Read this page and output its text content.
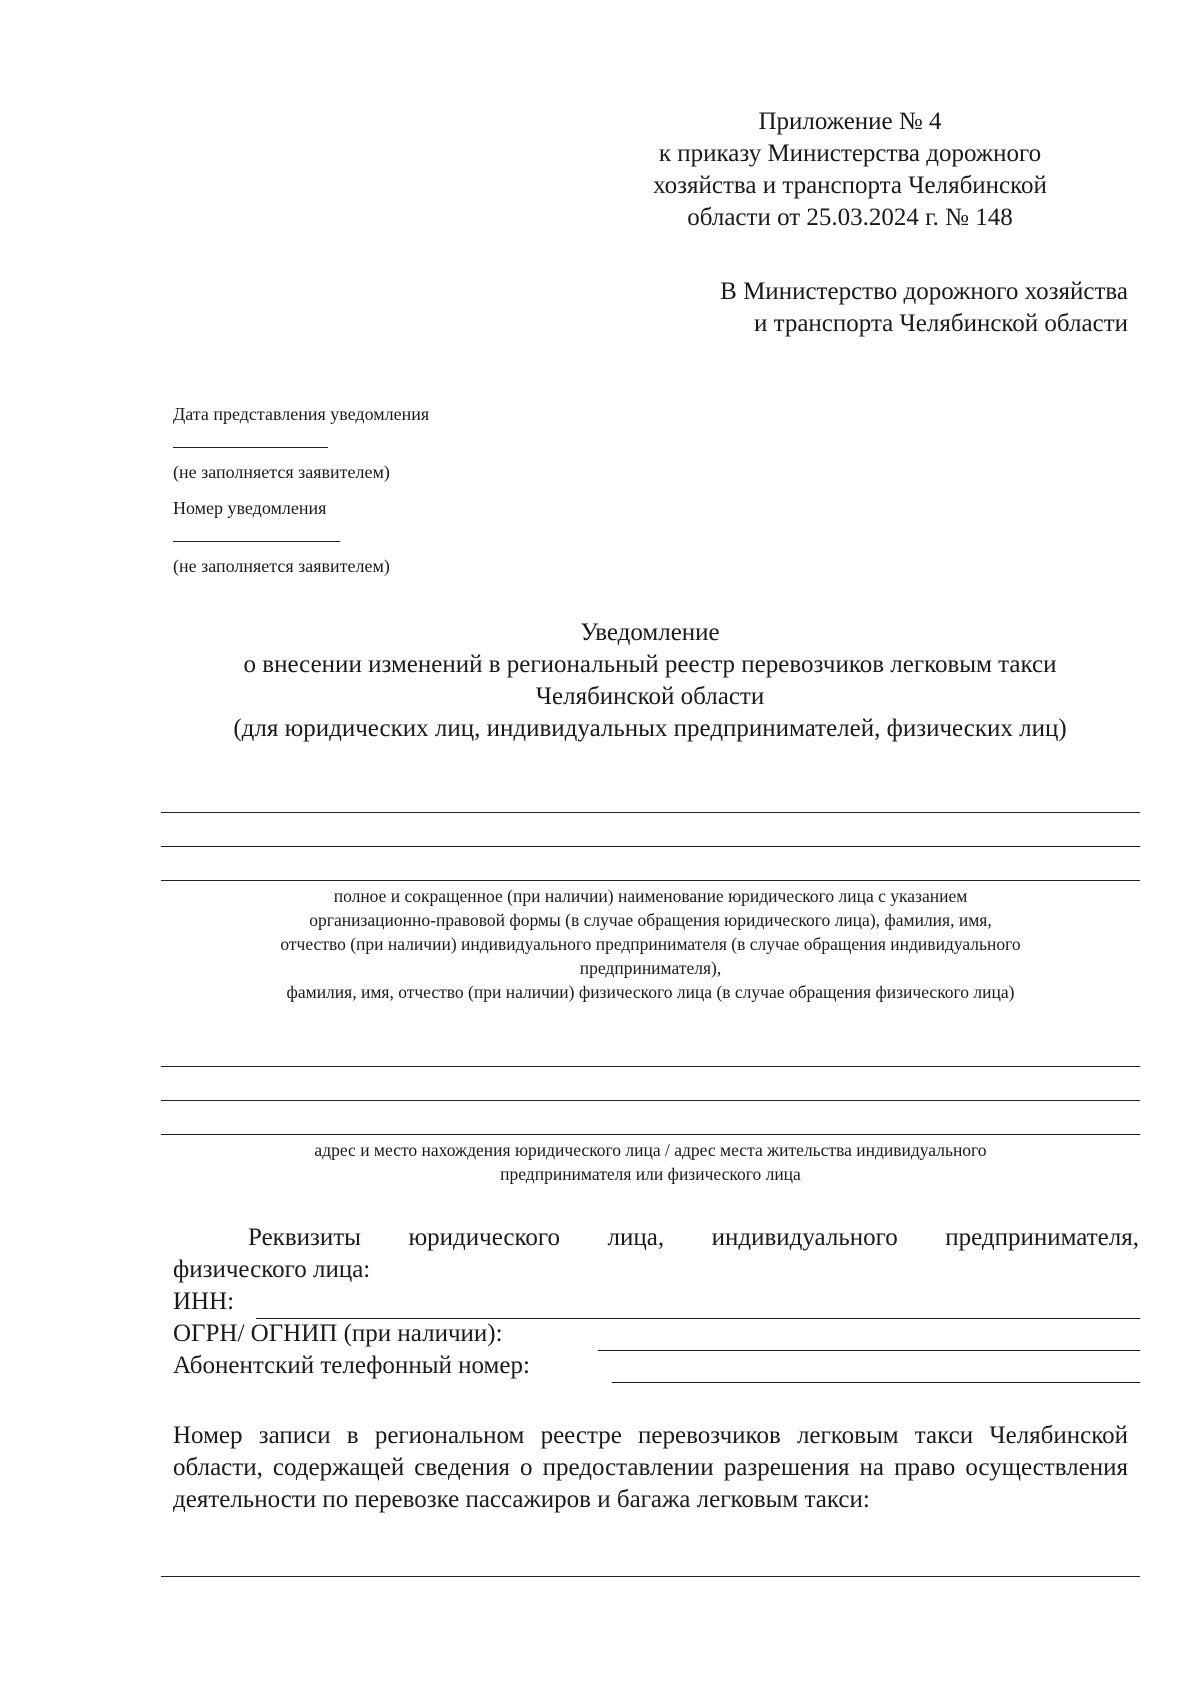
Приложение № 4
к приказу Министерства дорожного
хозяйства и транспорта Челябинской
области от 25.03.2024 г. № 148
В Министерство дорожного хозяйства
и транспорта Челябинской области
Дата представления уведомления
(не заполняется заявителем)
Номер уведомления
(не заполняется заявителем)
Уведомление
о внесении изменений в региональный реестр перевозчиков легковым такси
Челябинской области
(для юридических лиц, индивидуальных предпринимателей, физических лиц)
полное и сокращенное (при наличии) наименование юридического лица с указанием
организационно-правовой формы (в случае обращения юридического лица), фамилия, имя,
отчество (при наличии) индивидуального предпринимателя (в случае обращения индивидуального
предпринимателя),
фамилия, имя, отчество (при наличии) физического лица (в случае обращения физического лица)
адрес и место нахождения юридического лица / адрес места жительства индивидуального
предпринимателя или физического лица
Реквизиты юридического лица, индивидуального предпринимателя,
физического лица:
ИНН:
ОГРН/ ОГНИП (при наличии):
Абонентский телефонный номер:
Номер записи в региональном реестре перевозчиков легковым такси Челябинской области, содержащей сведения о предоставлении разрешения на право осуществления деятельности по перевозке пассажиров и багажа легковым такси:
